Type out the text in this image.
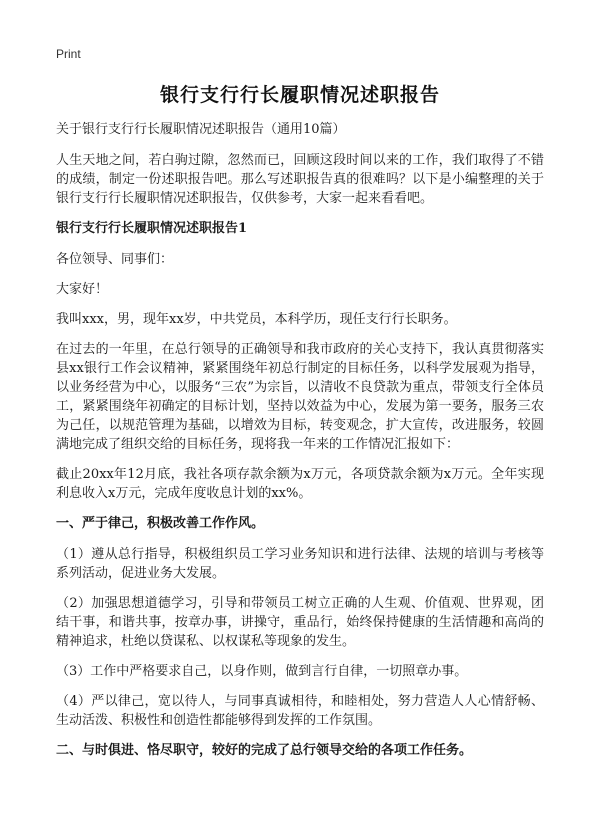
Print
银行支行行长履职情况述职报告

关于银行支行行长履职情况述职报告（通用10篇）

人生天地之间，若白驹过隙，忽然而已，回顾这段时间以来的工作，我们取得了不错的成绩，制定一份述职报告吧。那么写述职报告真的很难吗？以下是小编整理的关于银行支行行长履职情况述职报告，仅供参考，大家一起来看看吧。

银行支行行长履职情况述职报告1

各位领导、同事们：

大家好！

我叫xxx，男，现年xx岁，中共党员，本科学历，现任支行行长职务。

在过去的一年里，在总行领导的正确领导和我市政府的关心支持下，我认真贯彻落实县xx银行工作会议精神，紧紧围绕年初总行制定的目标任务，以科学发展观为指导，以业务经营为中心，以服务“三农”为宗旨，以清收不良贷款为重点，带领支行全体员工，紧紧围绕年初确定的目标计划，坚持以效益为中心，发展为第一要务，服务三农为己任，以规范管理为基础，以增效为目标，转变观念，扩大宣传，改进服务，较圆满地完成了组织交给的目标任务，现将我一年来的工作情况汇报如下：

截止20xx年12月底，我社各项存款余额为x万元，各项贷款余额为x万元。全年实现利息收入x万元，完成年度收息计划的xx%。

一、严于律己，积极改善工作作风。

（1）遵从总行指导，积极组织员工学习业务知识和进行法律、法规的培训与考核等系列活动，促进业务大发展。

（2）加强思想道德学习，引导和带领员工树立正确的人生观、价值观、世界观，团结干事，和谐共事，按章办事，讲操守，重品行，始终保持健康的生活情趣和高尚的精神追求，杜绝以贷谋私、以权谋私等现象的发生。

（3）工作中严格要求自己，以身作则，做到言行自律，一切照章办事。

（4）严以律己，宽以待人，与同事真诚相待，和睦相处，努力营造人人心情舒畅、生动活泼、积极性和创造性都能够得到发挥的工作氛围。

二、与时俱进、恪尽职守，较好的完成了总行领导交给的各项工作任务。
